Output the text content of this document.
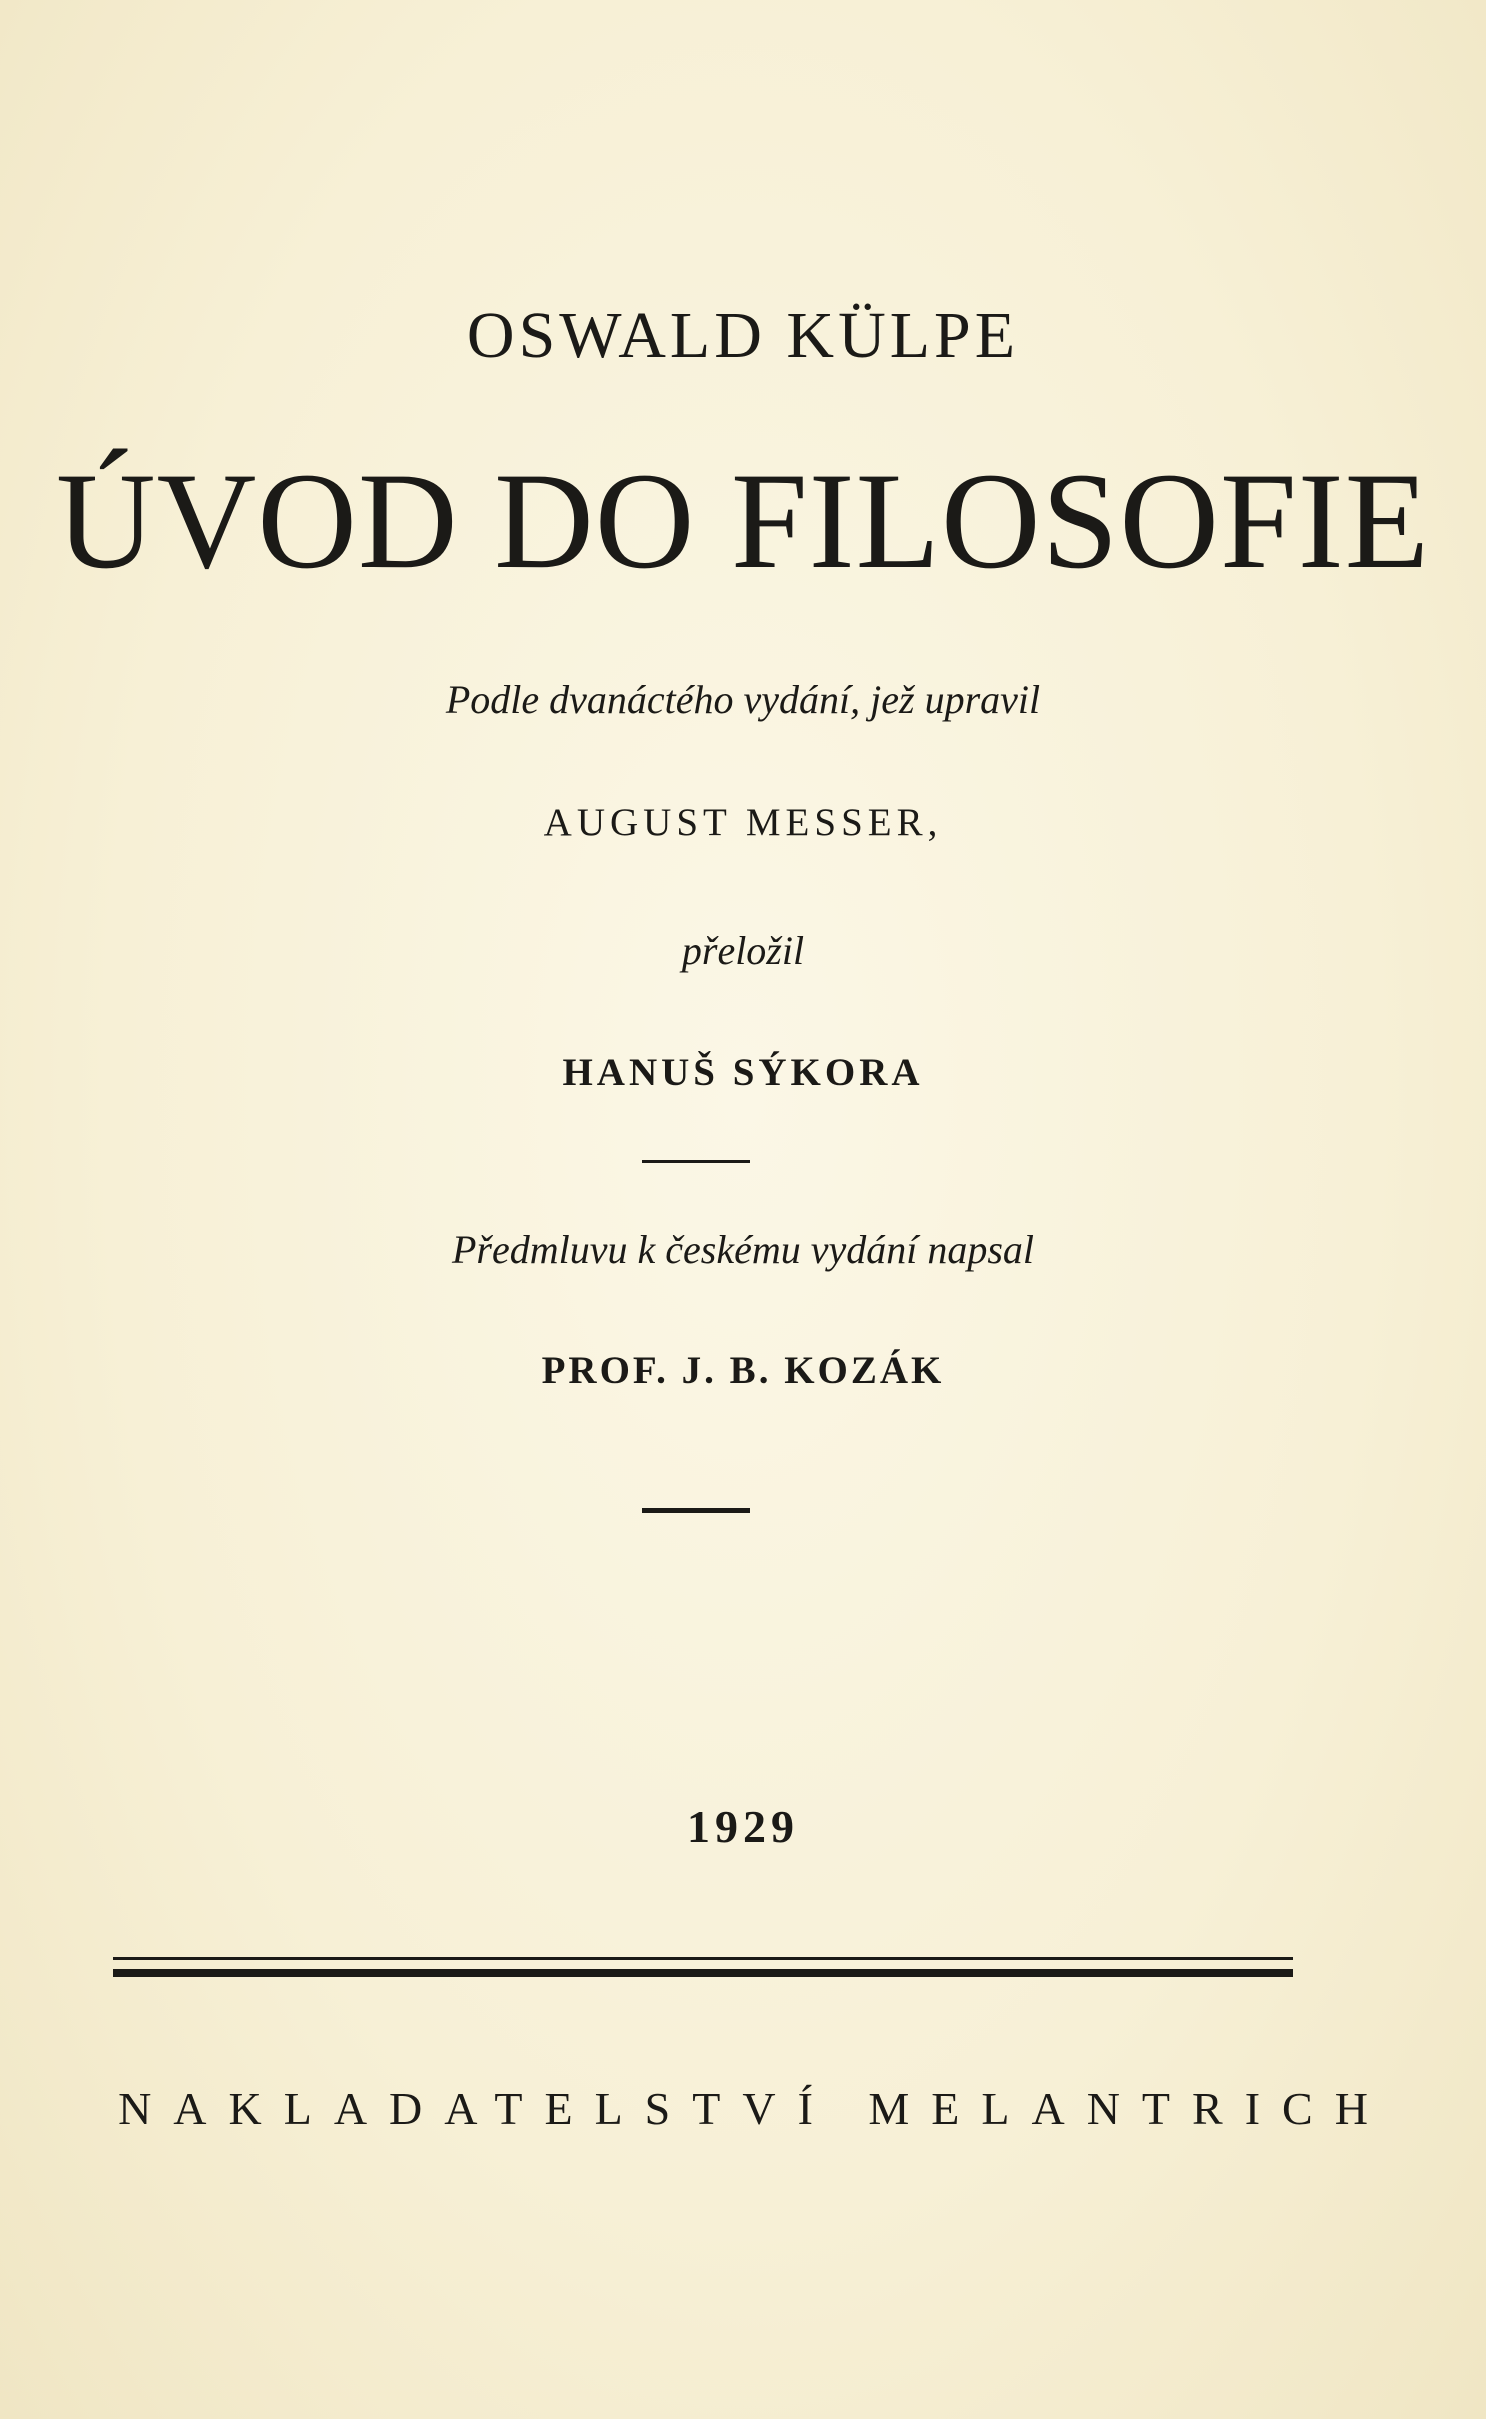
OSWALD KÜLPE
ÚVOD DO FILOSOFIE
Podle dvanáctého vydání, jež upravil
AUGUST MESSER,
přeložil
HANUŠ SÝKORA
Předmluvu k českému vydání napsal
PROF. J. B. KOZÁK
1929
NAKLADATELSTVÍ MELANTRICH
